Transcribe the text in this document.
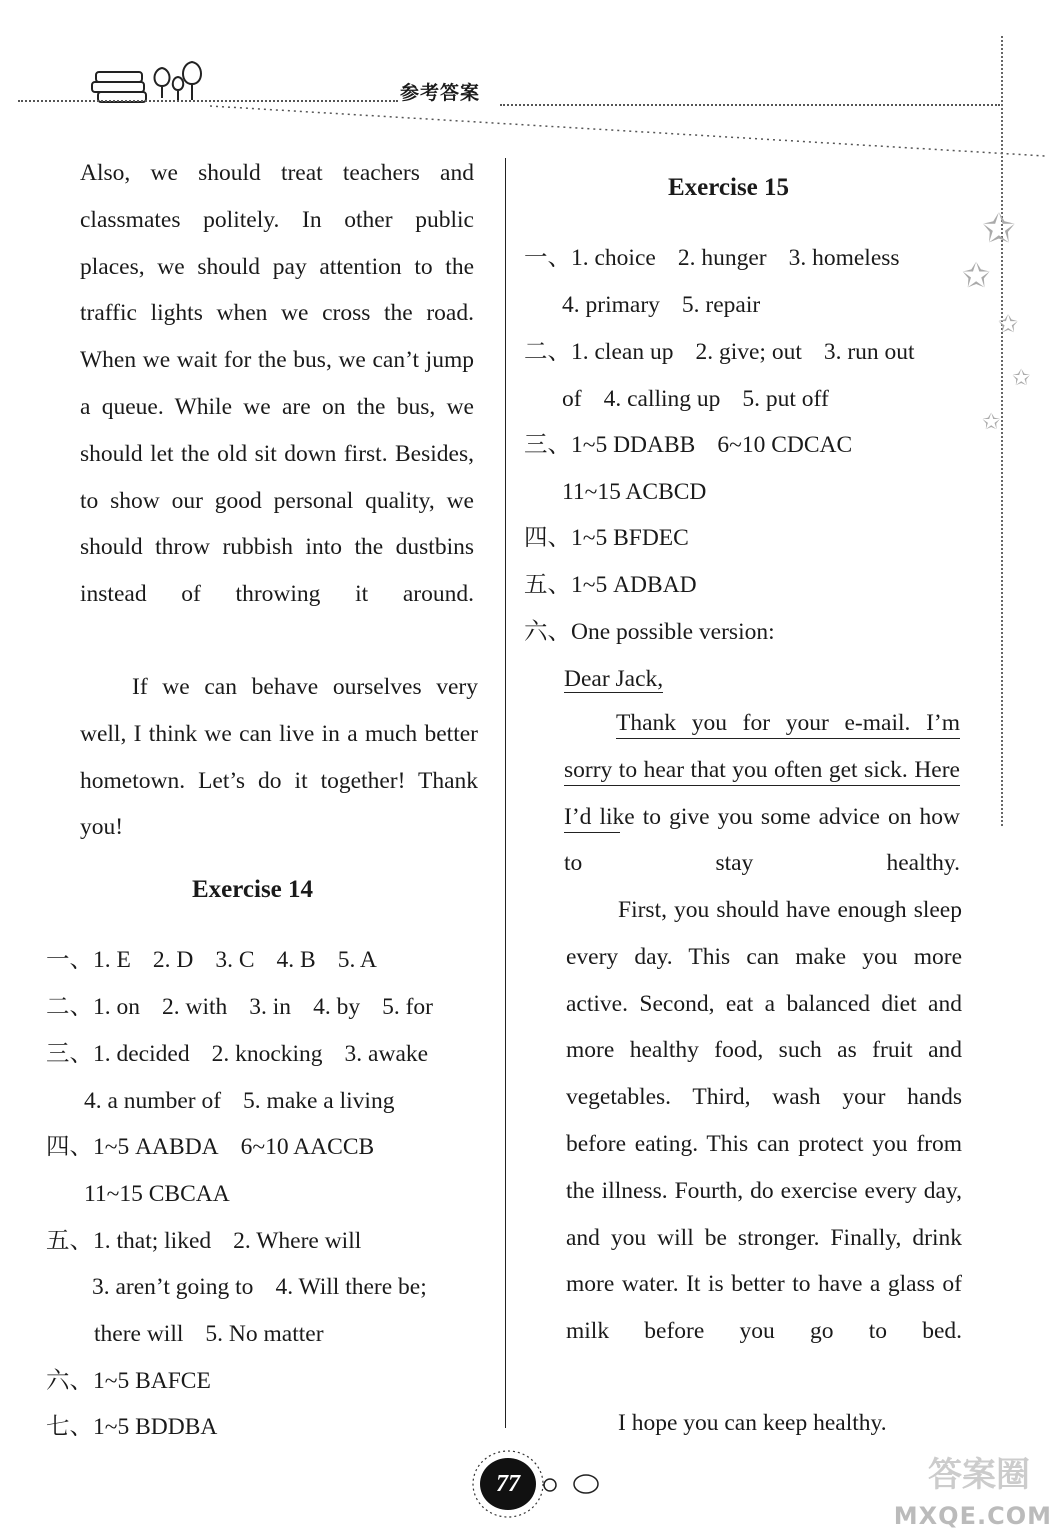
参考答案
✩
✩
✩
✩
✩
Also, we should treat teachers and classmates politely. In other public places, we should pay attention to the traffic lights when we cross the road. When we wait for the bus, we can’t jump a queue. While we are on the bus, we should let the old sit down first. Besides, to show our good personal quality, we should throw rubbish into the dustbins instead of throwing it around.
If we can behave ourselves very well, I think we can live in a much better hometown. Let’s do it together! Thank you!
Exercise 14
一、1. E 2. D 3. C 4. B 5. A
二、1. on 2. with 3. in 4. by 5. for
三、1. decided 2. knocking 3. awake
4. a number of 5. make a living
四、1~5 AABDA 6~10 AACCB
11~15 CBCAA
五、1. that; liked 2. Where will
3. aren’t going to 4. Will there be;
there will 5. No matter
六、1~5 BAFCE
七、1~5 BDDBA
Exercise 15
一、1. choice 2. hunger 3. homeless
4. primary 5. repair
二、1. clean up 2. give; out 3. run out
of 4. calling up 5. put off
三、1~5 DDABB 6~10 CDCAC
11~15 ACBCD
四、1~5 BFDEC
五、1~5 ADBAD
六、One possible version:
Dear Jack,
Thank you for your e-mail. I’m sorry to hear that you often get sick. Here I’d like to give you some advice on how to stay healthy.
First, you should have enough sleep every day. This can make you more active. Second, eat a balanced diet and more healthy food, such as fruit and vegetables. Third, wash your hands before eating. This can protect you from the illness. Fourth, do exercise every day, and you will be stronger. Finally, drink more water. It is better to have a glass of milk before you go to bed.
I hope you can keep healthy.
77	答案圈
MXQE.COM
